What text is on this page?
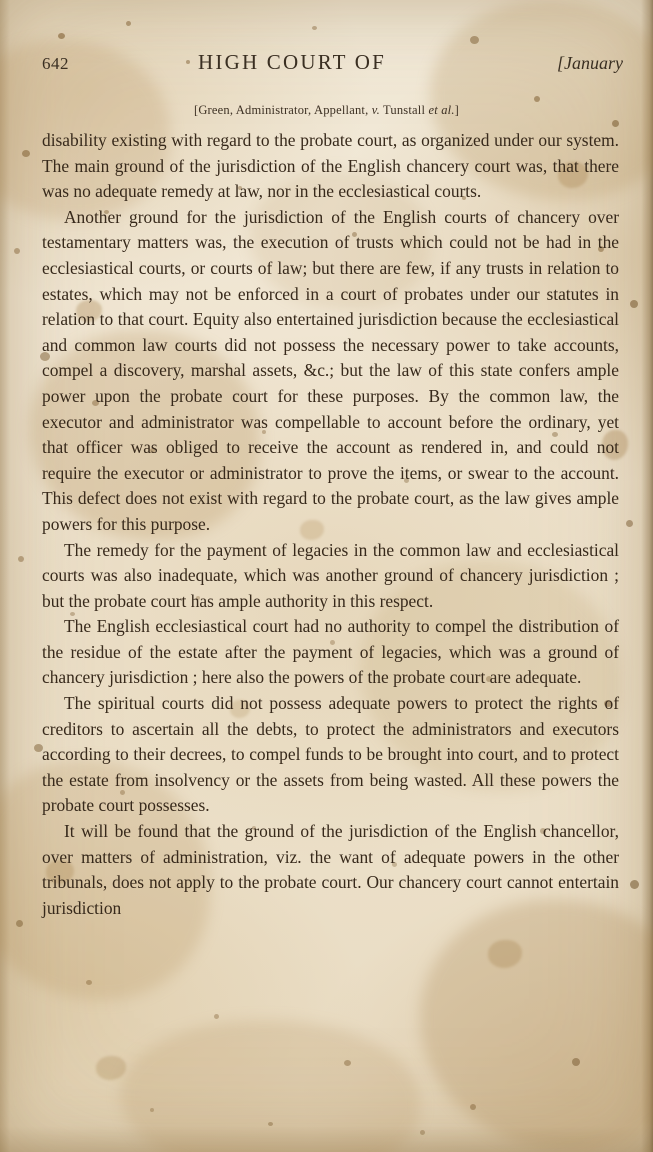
642	HIGH COURT OF	[January
[Green, Administrator, Appellant, v. Tunstall et al.]

disability existing with regard to the probate court, as organized under our system. The main ground of the jurisdiction of the English chancery court was, that there was no adequate remedy at law, nor in the ecclesiastical courts.

Another ground for the jurisdiction of the English courts of chancery over testamentary matters was, the execution of trusts which could not be had in the ecclesiastical courts, or courts of law; but there are few, if any trusts in relation to estates, which may not be enforced in a court of probates under our statutes in relation to that court. Equity also entertained jurisdiction because the ecclesiastical and common law courts did not possess the necessary power to take accounts, compel a discovery, marshal assets, &c.; but the law of this state confers ample power upon the probate court for these purposes. By the common law, the executor and administrator was compellable to account before the ordinary, yet that officer was obliged to receive the account as rendered in, and could not require the executor or administrator to prove the items, or swear to the account. This defect does not exist with regard to the probate court, as the law gives ample powers for this purpose.

The remedy for the payment of legacies in the common law and ecclesiastical courts was also inadequate, which was another ground of chancery jurisdiction ; but the probate court has ample authority in this respect.

The English ecclesiastical court had no authority to compel the distribution of the residue of the estate after the payment of legacies, which was a ground of chancery jurisdiction ; here also the powers of the probate court are adequate.

The spiritual courts did not possess adequate powers to protect the rights of creditors to ascertain all the debts, to protect the administrators and executors according to their decrees, to compel funds to be brought into court, and to protect the estate from insolvency or the assets from being wasted. All these powers the probate court possesses.

It will be found that the ground of the jurisdiction of the English chancellor, over matters of administration, viz. the want of adequate powers in the other tribunals, does not apply to the probate court. Our chancery court cannot entertain jurisdiction
